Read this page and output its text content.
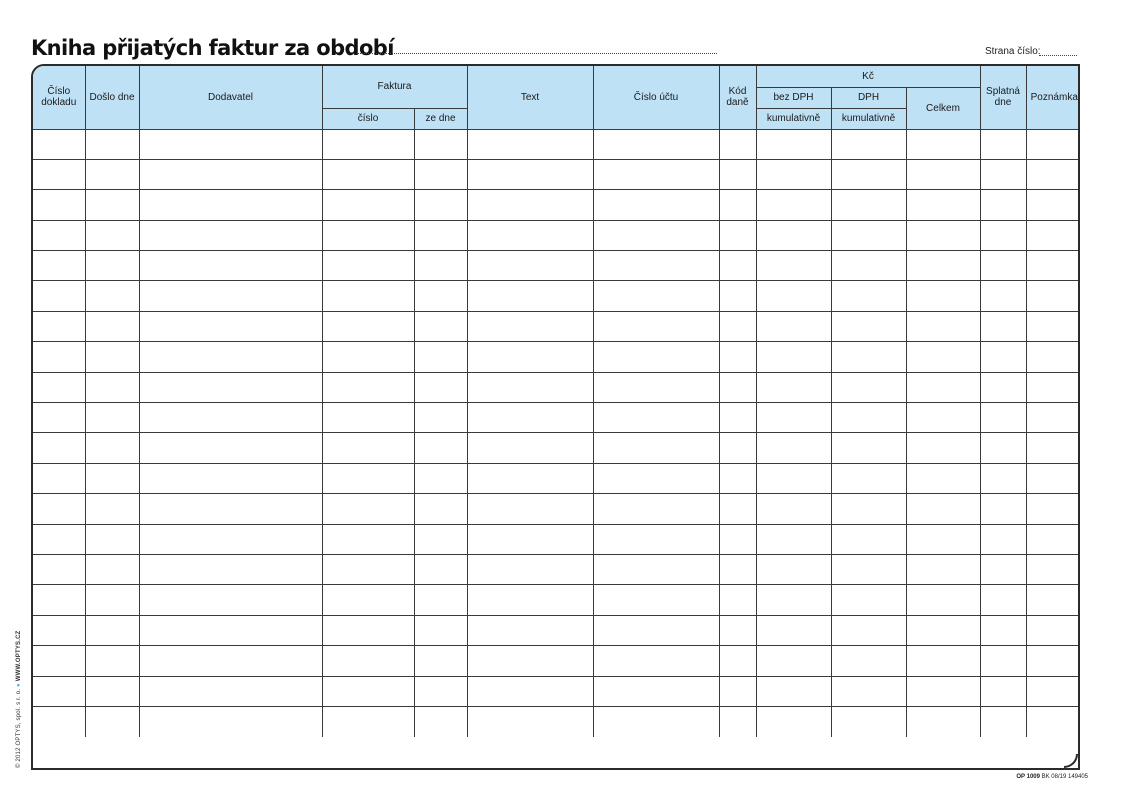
Kniha přijatých faktur za období	Strana číslo:
Číslo dokladu	Došlo dne	Dodavatel	Faktura		Text	Číslo účtu	Kód daně	Kč			Splatná dne	Poznámka
								bez DPH	DPH	Celkem		
			číslo	ze dne				kumulativně	kumulativně			

© 2012 OPTYS, spol. s r. o. ● WWW.OPTYS.CZ
OP 1009 BK 08/19 149405
